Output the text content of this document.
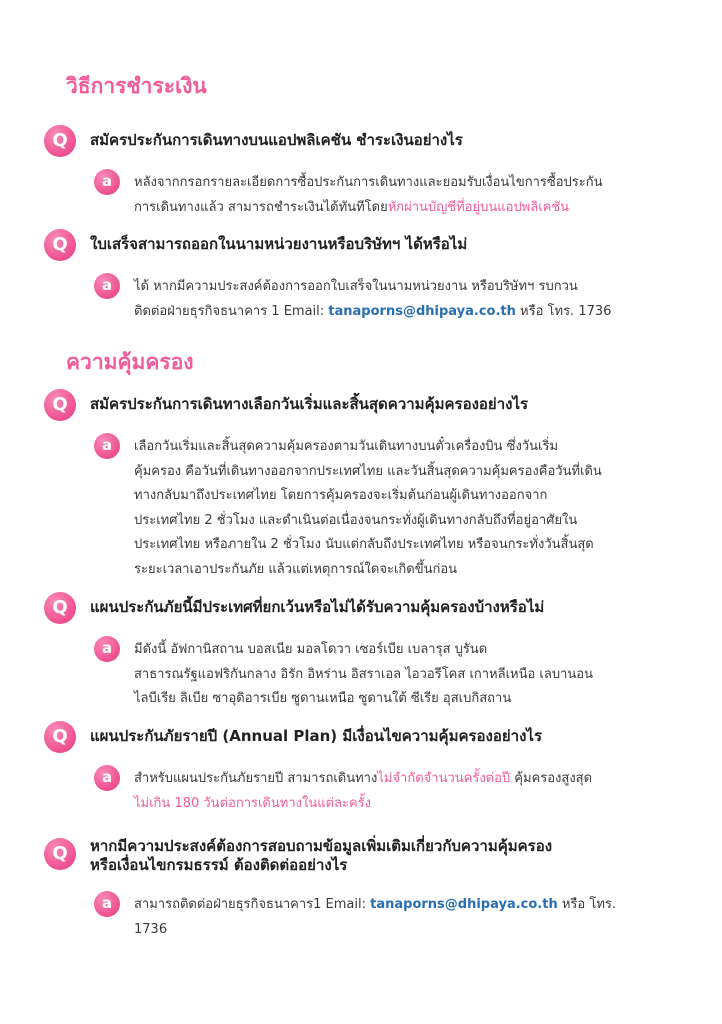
วิธีการชำระเงิน
Q	สมัครประกันการเดินทางบนแอปพลิเคชัน ชำระเงินอย่างไร
a	หลังจากกรอกรายละเอียดการซื้อประกันการเดินทางและยอมรับเงื่อนไขการซื้อประกัน
การเดินทางแล้ว สามารถชำระเงินได้ทันทีโดยหักผ่านบัญชีที่อยู่บนแอปพลิเคชัน
Q	ใบเสร็จสามารถออกในนามหน่วยงานหรือบริษัทฯ ได้หรือไม่
a	ได้ หากมีความประสงค์ต้องการออกใบเสร็จในนามหน่วยงาน หรือบริษัทฯ รบกวน
ติดต่อฝ่ายธุรกิจธนาคาร 1 Email: tanaporns@dhipaya.co.th หรือ โทร. 1736
ความคุ้มครอง
Q	สมัครประกันการเดินทางเลือกวันเริ่มและสิ้นสุดความคุ้มครองอย่างไร
a	เลือกวันเริ่มและสิ้นสุดความคุ้มครองตามวันเดินทางบนตั๋วเครื่องบิน ซึ่งวันเริ่ม
คุ้มครอง คือวันที่เดินทางออกจากประเทศไทย และวันสิ้นสุดความคุ้มครองคือวันที่เดิน
ทางกลับมาถึงประเทศไทย โดยการคุ้มครองจะเริ่มต้นก่อนผู้เดินทางออกจาก
ประเทศไทย 2 ชั่วโมง และดำเนินต่อเนื่องจนกระทั่งผู้เดินทางกลับถึงที่อยู่อาศัยใน
ประเทศไทย หรือภายใน 2 ชั่วโมง นับแต่กลับถึงประเทศไทย หรือจนกระทั่งวันสิ้นสุด
ระยะเวลาเอาประกันภัย แล้วแต่เหตุการณ์ใดจะเกิดขึ้นก่อน
Q	แผนประกันภัยนี้มีประเทศที่ยกเว้นหรือไม่ได้รับความคุ้มครองบ้างหรือไม่
a	มีดังนี้ อัฟกานิสถาน บอสเนีย มอลโดวา เซอร์เบีย เบลารุส บูรันด
สาธารณรัฐแอฟริกันกลาง อิรัก อิหร่าน อิสราเอล ไอวอรีโคส เกาหลีเหนือ เลบานอน
ไลบีเรีย ลิเบีย ซาอุดิอารเบีย ซูดานเหนือ ซูดานใต้ ซีเรีย อุสเบกิสถาน
Q	แผนประกันภัยรายปี (Annual Plan) มีเงื่อนไขความคุ้มครองอย่างไร
a	สำหรับแผนประกันภัยรายปี สามารถเดินทางไม่จำกัดจำนวนครั้งต่อปี คุ้มครองสูงสุด
ไม่เกิน 180 วันต่อการเดินทางในแต่ละครั้ง
Q	หากมีความประสงค์ต้องการสอบถามข้อมูลเพิ่มเติมเกี่ยวกับความคุ้มครอง
หรือเงื่อนไขกรมธรรม์ ต้องติดต่ออย่างไร
a	สามารถติดต่อฝ่ายธุรกิจธนาคาร1 Email: tanaporns@dhipaya.co.th หรือ โทร.
1736
